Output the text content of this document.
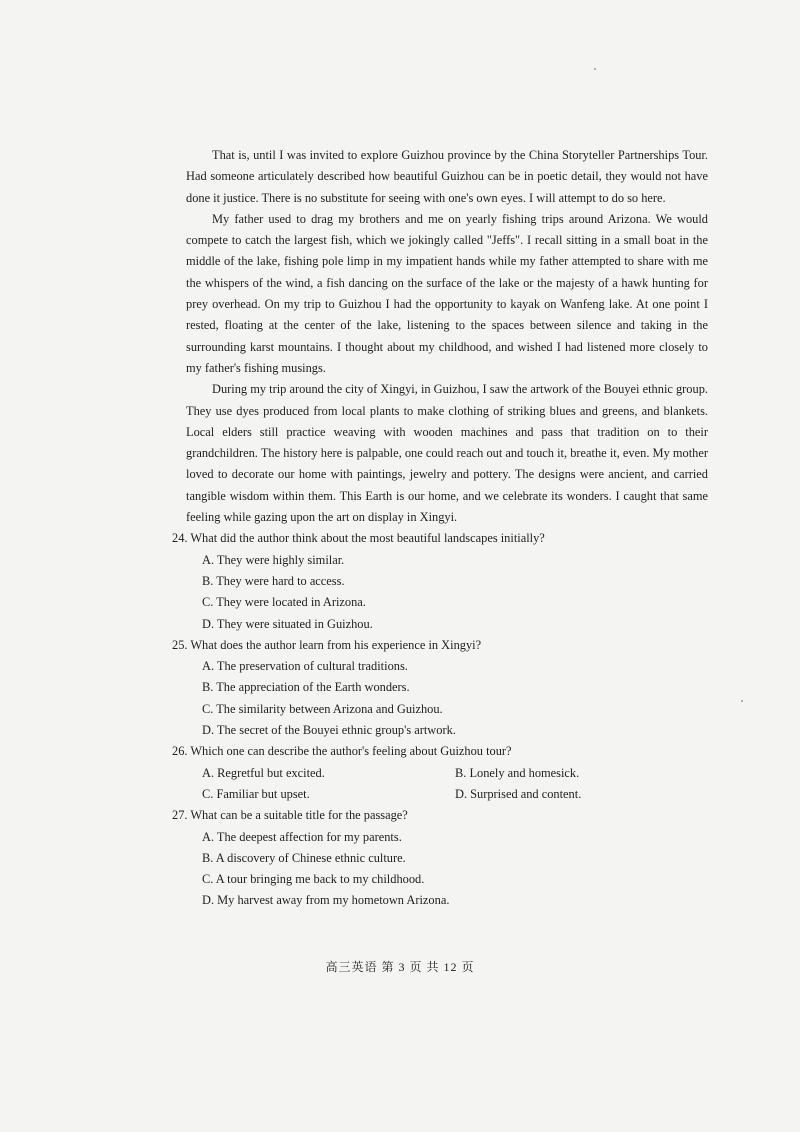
That is, until I was invited to explore Guizhou province by the China Storyteller Partnerships Tour. Had someone articulately described how beautiful Guizhou can be in poetic detail, they would not have done it justice. There is no substitute for seeing with one's own eyes. I will attempt to do so here.

My father used to drag my brothers and me on yearly fishing trips around Arizona. We would compete to catch the largest fish, which we jokingly called "Jeffs". I recall sitting in a small boat in the middle of the lake, fishing pole limp in my impatient hands while my father attempted to share with me the whispers of the wind, a fish dancing on the surface of the lake or the majesty of a hawk hunting for prey overhead. On my trip to Guizhou I had the opportunity to kayak on Wanfeng lake. At one point I rested, floating at the center of the lake, listening to the spaces between silence and taking in the surrounding karst mountains. I thought about my childhood, and wished I had listened more closely to my father's fishing musings.

During my trip around the city of Xingyi, in Guizhou, I saw the artwork of the Bouyei ethnic group. They use dyes produced from local plants to make clothing of striking blues and greens, and blankets. Local elders still practice weaving with wooden machines and pass that tradition on to their grandchildren. The history here is palpable, one could reach out and touch it, breathe it, even. My mother loved to decorate our home with paintings, jewelry and pottery. The designs were ancient, and carried tangible wisdom within them. This Earth is our home, and we celebrate its wonders. I caught that same feeling while gazing upon the art on display in Xingyi.

24. What did the author think about the most beautiful landscapes initially?

A. They were highly similar.

B. They were hard to access.

C. They were located in Arizona.

D. They were situated in Guizhou.

25. What does the author learn from his experience in Xingyi?

A. The preservation of cultural traditions.

B. The appreciation of the Earth wonders.

C. The similarity between Arizona and Guizhou.

D. The secret of the Bouyei ethnic group's artwork.

26. Which one can describe the author's feeling about Guizhou tour?

A. Regretful but excited.	B. Lonely and homesick.

C. Familiar but upset.	D. Surprised and content.

27. What can be a suitable title for the passage?

A. The deepest affection for my parents.

B. A discovery of Chinese ethnic culture.

C. A tour bringing me back to my childhood.

D. My harvest away from my hometown Arizona.

高三英语 第 3 页 共 12 页
